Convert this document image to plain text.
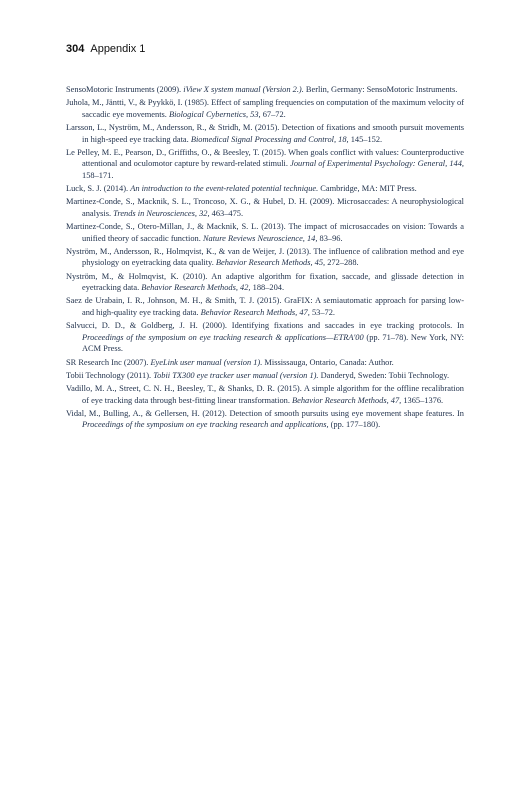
304 Appendix 1

SensoMotoric Instruments (2009). iView X system manual (Version 2.). Berlin, Germany: SensoMotoric Instruments.

Juhola, M., Jäntti, V., & Pyykkö, I. (1985). Effect of sampling frequencies on computation of the maximum velocity of saccadic eye movements. Biological Cybernetics, 53, 67–72.

Larsson, L., Nyström, M., Andersson, R., & Stridh, M. (2015). Detection of fixations and smooth pursuit movements in high-speed eye tracking data. Biomedical Signal Processing and Control, 18, 145–152.

Le Pelley, M. E., Pearson, D., Griffiths, O., & Beesley, T. (2015). When goals conflict with values: Counterproductive attentional and oculomotor capture by reward-related stimuli. Journal of Experimental Psychology: General, 144, 158–171.

Luck, S. J. (2014). An introduction to the event-related potential technique. Cambridge, MA: MIT Press.

Martinez-Conde, S., Macknik, S. L., Troncoso, X. G., & Hubel, D. H. (2009). Microsaccades: A neurophysiological analysis. Trends in Neurosciences, 32, 463–475.

Martinez-Conde, S., Otero-Millan, J., & Macknik, S. L. (2013). The impact of microsaccades on vision: Towards a unified theory of saccadic function. Nature Reviews Neuroscience, 14, 83–96.

Nyström, M., Andersson, R., Holmqvist, K., & van de Weijer, J. (2013). The influence of calibration method and eye physiology on eyetracking data quality. Behavior Research Methods, 45, 272–288.

Nyström, M., & Holmqvist, K. (2010). An adaptive algorithm for fixation, saccade, and glissade detection in eyetracking data. Behavior Research Methods, 42, 188–204.

Saez de Urabain, I. R., Johnson, M. H., & Smith, T. J. (2015). GraFIX: A semiautomatic approach for parsing low- and high-quality eye tracking data. Behavior Research Methods, 47, 53–72.

Salvucci, D. D., & Goldberg, J. H. (2000). Identifying fixations and saccades in eye tracking protocols. In Proceedings of the symposium on eye tracking research & applications—ETRA'00 (pp. 71–78). New York, NY: ACM Press.

SR Research Inc (2007). EyeLink user manual (version 1). Mississauga, Ontario, Canada: Author.

Tobii Technology (2011). Tobii TX300 eye tracker user manual (version 1). Danderyd, Sweden: Tobii Technology.

Vadillo, M. A., Street, C. N. H., Beesley, T., & Shanks, D. R. (2015). A simple algorithm for the offline recalibration of eye tracking data through best-fitting linear transformation. Behavior Research Methods, 47, 1365–1376.

Vidal, M., Bulling, A., & Gellersen, H. (2012). Detection of smooth pursuits using eye movement shape features. In Proceedings of the symposium on eye tracking research and applications, (pp. 177–180).
